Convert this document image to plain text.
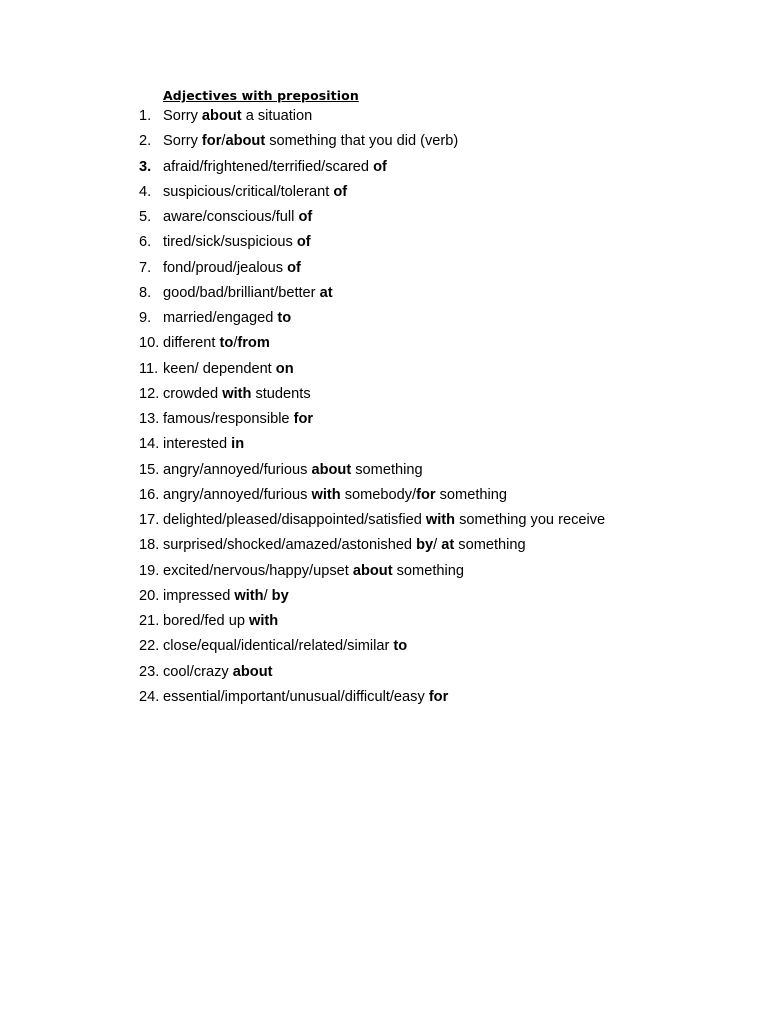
Adjectives with preposition
1. Sorry about a situation
2. Sorry for/about something that you did (verb)
3. afraid/frightened/terrified/scared of
4. suspicious/critical/tolerant of
5. aware/conscious/full of
6. tired/sick/suspicious of
7. fond/proud/jealous of
8. good/bad/brilliant/better at
9. married/engaged to
10. different to/from
11. keen/ dependent on
12. crowded with students
13. famous/responsible for
14. interested in
15. angry/annoyed/furious about something
16. angry/annoyed/furious with somebody/for something
17. delighted/pleased/disappointed/satisfied with something you receive
18. surprised/shocked/amazed/astonished by/ at something
19. excited/nervous/happy/upset about something
20. impressed with/ by
21. bored/fed up with
22. close/equal/identical/related/similar to
23. cool/crazy about
24. essential/important/unusual/difficult/easy for
